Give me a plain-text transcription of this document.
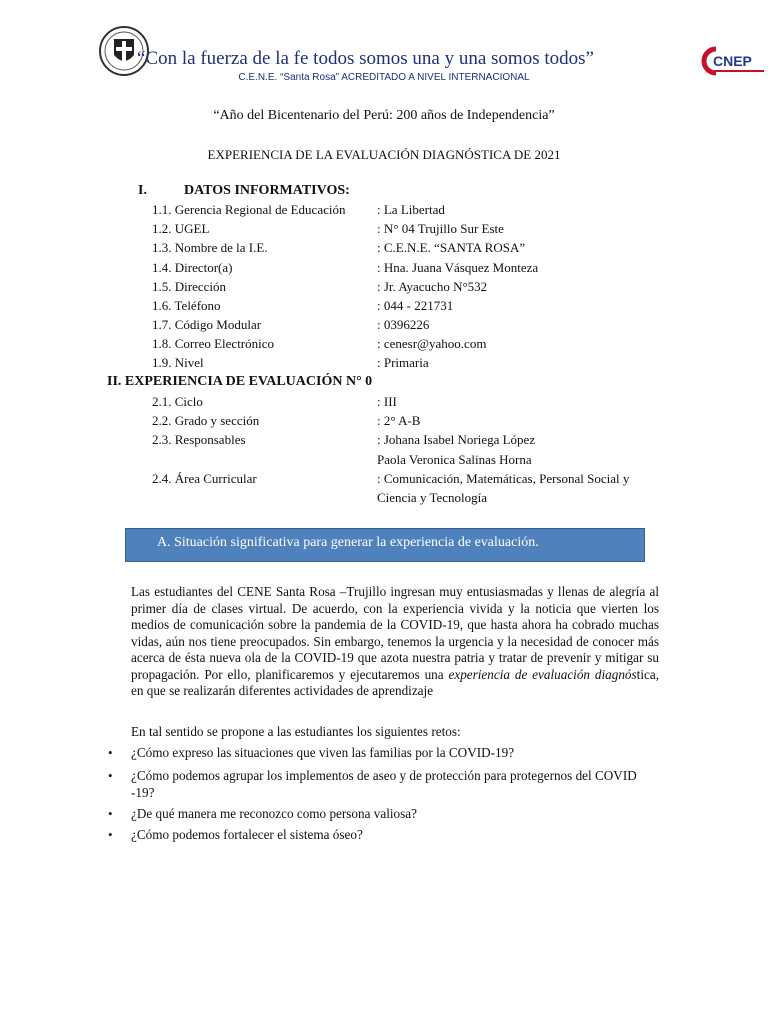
“Con la fuerza de la fe todos somos una y una somos todos”
C.E.N.E. “Santa Rosa” ACREDITADO A NIVEL INTERNACIONAL
CNEP
“Año del Bicentenario del Perú: 200 años de Independencia”
EXPERIENCIA DE LA EVALUACIÓN DIAGNÓSTICA DE 2021
I.	DATOS INFORMATIVOS:
1.1. Gerencia Regional de Educación : La Libertad
1.2. UGEL	: N° 04 Trujillo Sur Este
1.3. Nombre de la I.E.	: C.E.N.E. “SANTA ROSA”
1.4. Director(a)	: Hna. Juana Vásquez Monteza
1.5. Dirección	: Jr. Ayacucho N°532
1.6. Teléfono	: 044 - 221731
1.7. Código Modular	: 0396226
1.8. Correo Electrónico	: cenesr@yahoo.com
1.9. Nivel	: Primaria
II. EXPERIENCIA DE EVALUACIÓN N° 0
2.1. Ciclo	: III
2.2. Grado y sección	: 2° A-B
2.3. Responsables	: Johana Isabel Noriega López
Paola Veronica Salinas Horna
2.4. Área Curricular	: Comunicación, Matemáticas, Personal Social y
Ciencia y Tecnología
A. Situación significativa para generar la experiencia de evaluación.
Las estudiantes del CENE Santa Rosa –Trujillo ingresan muy entusiasmadas y llenas de alegría al primer día de clases virtual. De acuerdo, con la experiencia vivida y la noticia que vierten los medios de comunicación sobre la pandemia de la COVID-19, que hasta ahora ha cobrado muchas vidas, aún nos tiene preocupados. Sin embargo, tenemos la urgencia y la necesidad de conocer más acerca de ésta nueva ola de la COVID-19 que azota nuestra patria y tratar de prevenir y mitigar su propagación. Por ello, planificaremos y ejecutaremos una experiencia de evaluación diagnóstica, en que se realizarán diferentes actividades de aprendizaje
En tal sentido se propone a las estudiantes los siguientes retos:
• ¿Cómo expreso las situaciones que viven las familias por la COVID-19?
• ¿Cómo podemos agrupar los implementos de aseo y de protección para protegernos del COVID -19?
• ¿De qué manera me reconozco como persona valiosa?
• ¿Cómo podemos fortalecer el sistema óseo?
